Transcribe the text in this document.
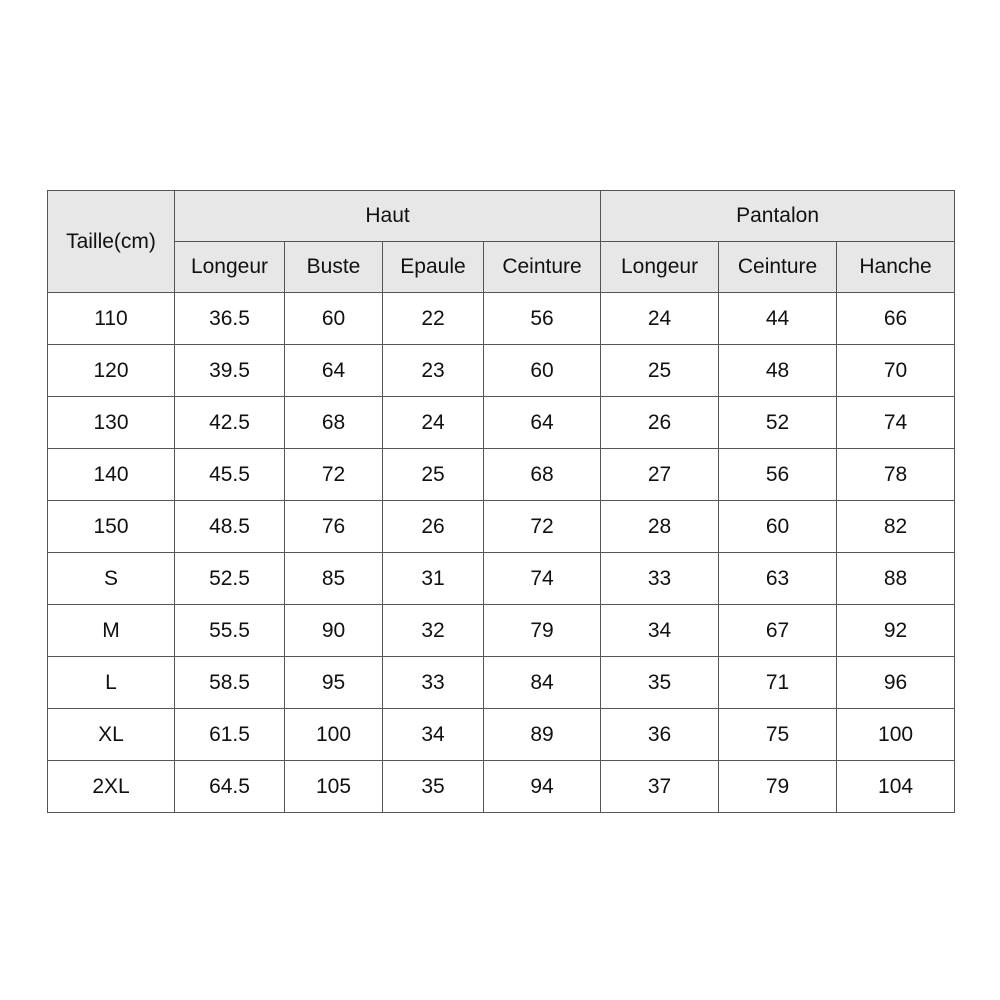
Taille(cm)	Haut				Pantalon		
	Longeur	Buste	Epaule	Ceinture	Longeur	Ceinture	Hanche
110	36.5	60	22	56	24	44	66
120	39.5	64	23	60	25	48	70
130	42.5	68	24	64	26	52	74
140	45.5	72	25	68	27	56	78
150	48.5	76	26	72	28	60	82
S	52.5	85	31	74	33	63	88
M	55.5	90	32	79	34	67	92
L	58.5	95	33	84	35	71	96
XL	61.5	100	34	89	36	75	100
2XL	64.5	105	35	94	37	79	104
